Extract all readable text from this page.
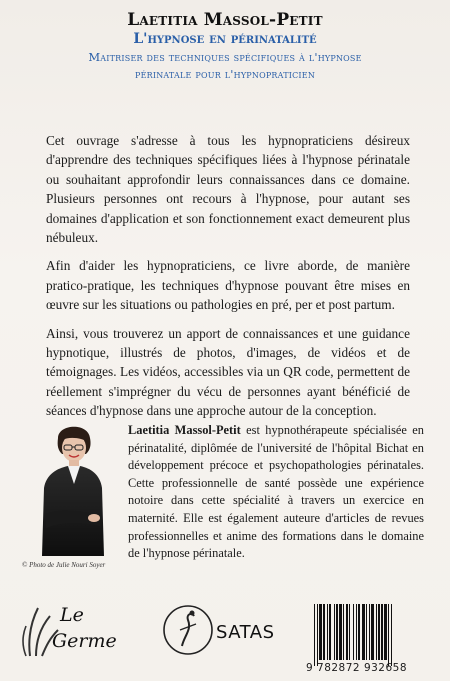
Laetitia Massol-Petit
L'hypnose en périnatalité
Maitriser des techniques spécifiques à l'hypnose
périnatale pour l'hypnopraticien

Cet ouvrage s'adresse à tous les hypnopraticiens désireux d'apprendre des techniques spécifiques liées à l'hypnose périnatale ou souhaitant approfondir leurs connaissances dans ce domaine. Plusieurs personnes ont recours à l'hypnose, pour autant ses domaines d'application et son fonctionnement exact demeurent plus nébuleux.

Afin d'aider les hypnopraticiens, ce livre aborde, de manière pratico-pratique, les techniques d'hypnose pouvant être mises en œuvre sur les situations ou pathologies en pré, per et post partum.

Ainsi, vous trouverez un apport de connaissances et une guidance hypnotique, illustrés de photos, d'images, de vidéos et de témoignages. Les vidéos, accessibles via un QR code, permettent de réellement s'imprégner du vécu de personnes ayant bénéficié de séances d'hypnose dans une approche autour de la conception.

© Photo de Julie Nouri Soyer
Laetitia Massol-Petit est hypnothérapeute spécialisée en périnatalité, diplômée de l'université de l'hôpital Bichat en développement précoce et psychopathologies périnatales. Cette professionnelle de santé possède une expérience notoire dans cette spécialité à travers un exercice en maternité. Elle est également auteure d'articles de revues professionnelles et anime des formations dans le domaine de l'hypnose périnatale.
Le
Germe	SATAS
9 782872 932658
